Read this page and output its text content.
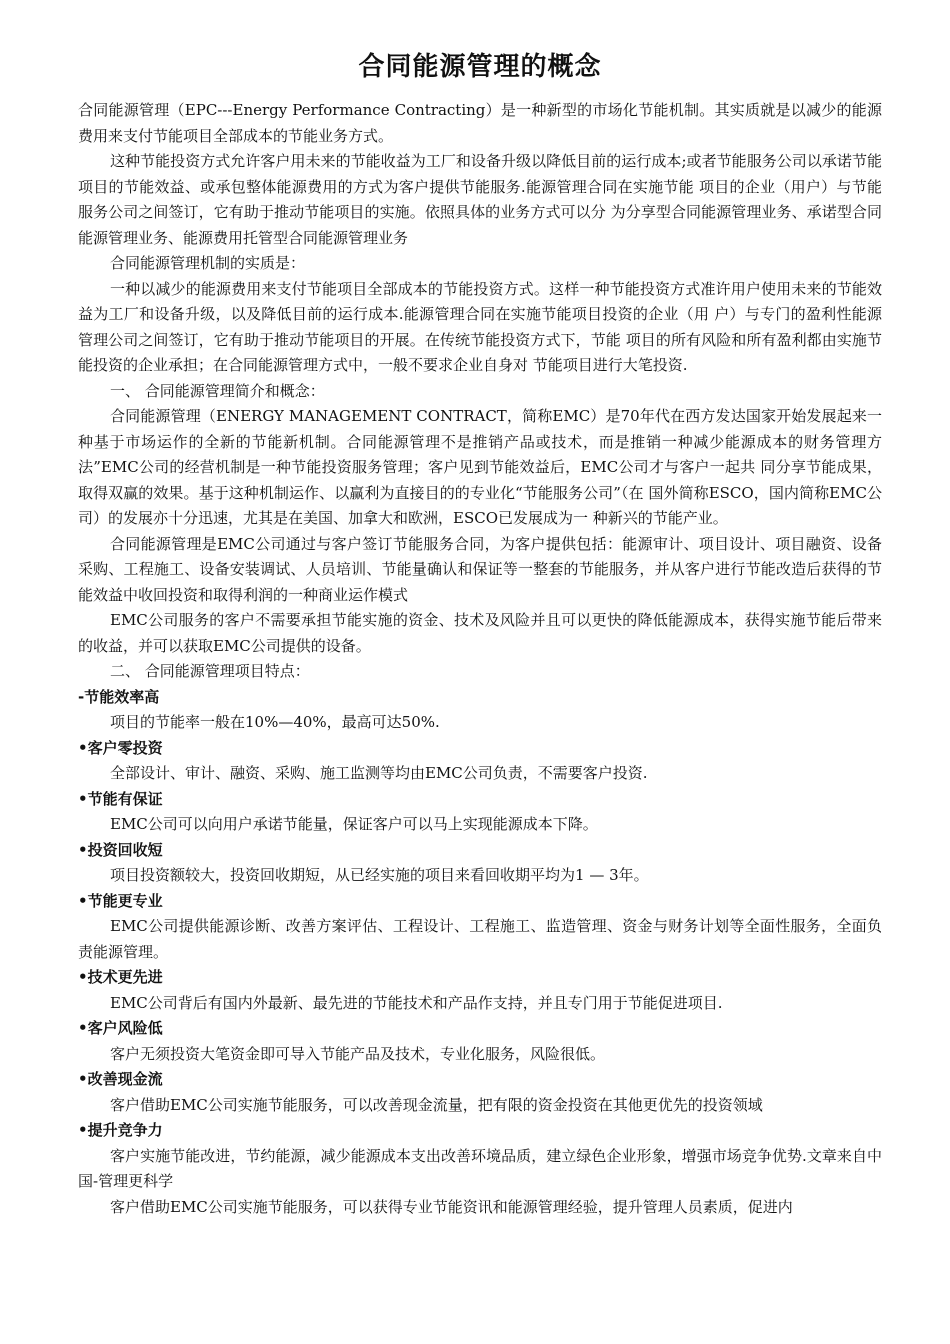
合同能源管理的概念

合同能源管理（EPC---Energy Performance Contracting）是一种新型的市场化节能机制。其实质就是以减少的能源费用来支付节能项目全部成本的节能业务方式。

这种节能投资方式允许客户用未来的节能收益为工厂和设备升级以降低目前的运行成本;或者节能服务公司以承诺节能项目的节能效益、或承包整体能源费用的方式为客户提供节能服务.能源管理合同在实施节能 项目的企业（用户）与节能服务公司之间签订，它有助于推动节能项目的实施。依照具体的业务方式可以分 为分享型合同能源管理业务、承诺型合同能源管理业务、能源费用托管型合同能源管理业务

合同能源管理机制的实质是：

一种以减少的能源费用来支付节能项目全部成本的节能投资方式。这样一种节能投资方式准许用户使用未来的节能效益为工厂和设备升级，以及降低目前的运行成本.能源管理合同在实施节能项目投资的企业（用 户）与专门的盈利性能源管理公司之间签订，它有助于推动节能项目的开展。在传统节能投资方式下，节能 项目的所有风险和所有盈利都由实施节能投资的企业承担；在合同能源管理方式中，一般不要求企业自身对 节能项目进行大笔投资.

一、 合同能源管理简介和概念：

合同能源管理（ENERGY MANAGEMENT CONTRACT，简称EMC）是70年代在西方发达国家开始发展起来一种基于市场运作的全新的节能新机制。合同能源管理不是推销产品或技术，而是推销一种减少能源成本的财务管理方法”EMC公司的经营机制是一种节能投资服务管理；客户见到节能效益后，EMC公司才与客户一起共 同分享节能成果，取得双赢的效果。基于这种机制运作、以赢利为直接目的的专业化“节能服务公司”（在 国外简称ESCO，国内简称EMC公司）的发展亦十分迅速，尤其是在美国、加拿大和欧洲，ESCO已发展成为一 种新兴的节能产业。

合同能源管理是EMC公司通过与客户签订节能服务合同，为客户提供包括：能源审计、项目设计、项目融资、设备采购、工程施工、设备安装调试、人员培训、节能量确认和保证等一整套的节能服务，并从客户进行节能改造后获得的节能效益中收回投资和取得利润的一种商业运作模式

EMC公司服务的客户不需要承担节能实施的资金、技术及风险并且可以更快的降低能源成本，获得实施节能后带来的收益，并可以获取EMC公司提供的设备。

二、 合同能源管理项目特点：

-节能效率高

项目的节能率一般在10%—40%，最高可达50%.

•客户零投资

全部设计、审计、融资、采购、施工监测等均由EMC公司负责，不需要客户投资.

•节能有保证

EMC公司可以向用户承诺节能量，保证客户可以马上实现能源成本下降。

•投资回收短

项目投资额较大，投资回收期短，从已经实施的项目来看回收期平均为1 — 3年。

•节能更专业

EMC公司提供能源诊断、改善方案评估、工程设计、工程施工、监造管理、资金与财务计划等全面性服务，全面负责能源管理。

•技术更先进

EMC公司背后有国内外最新、最先进的节能技术和产品作支持，并且专门用于节能促进项目.

•客户风险低

客户无须投资大笔资金即可导入节能产品及技术，专业化服务，风险很低。

•改善现金流

客户借助EMC公司实施节能服务，可以改善现金流量，把有限的资金投资在其他更优先的投资领域

•提升竞争力

客户实施节能改进，节约能源，减少能源成本支出改善环境品质，建立绿色企业形象，增强市场竞争优势.文章来自中国-管理更科学

客户借助EMC公司实施节能服务，可以获得专业节能资讯和能源管理经验，提升管理人员素质，促进内
